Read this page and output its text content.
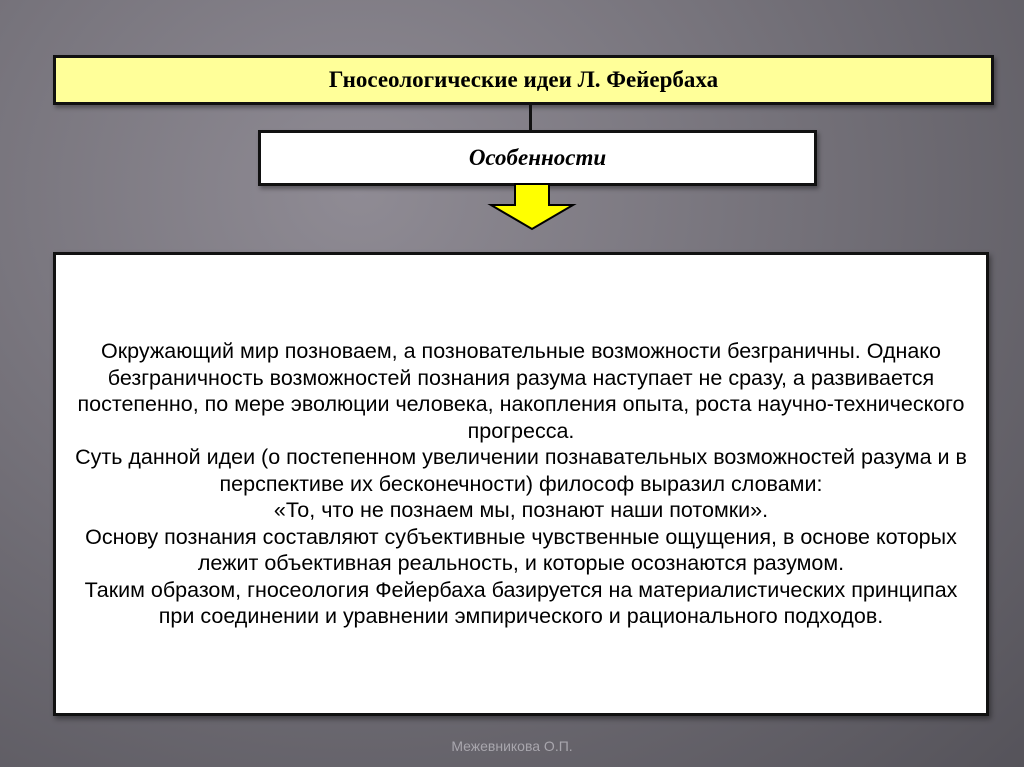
Гносеологические идеи Л. Фейербаха
Особенности

Окружающий мир позноваем, а позновательные возможности безграничны. Однако безграничность возможностей познания разума наступает не сразу, а развивается постепенно, по мере эволюции человека, накопления опыта, роста научно-технического прогресса.

Суть данной идеи (о постепенном увеличении познавательных возможностей разума и в перспективе их бесконечности) философ выразил словами:

«То, что не познаем мы, познают наши потомки».

Основу познания составляют субъективные чувственные ощущения, в основе которых лежит объективная реальность, и которые осознаются разумом.

Таким образом, гносеология Фейербаха базируется на материалистических принципах при соединении и уравнении эмпирического и рационального подходов.

Межевникова О.П.
